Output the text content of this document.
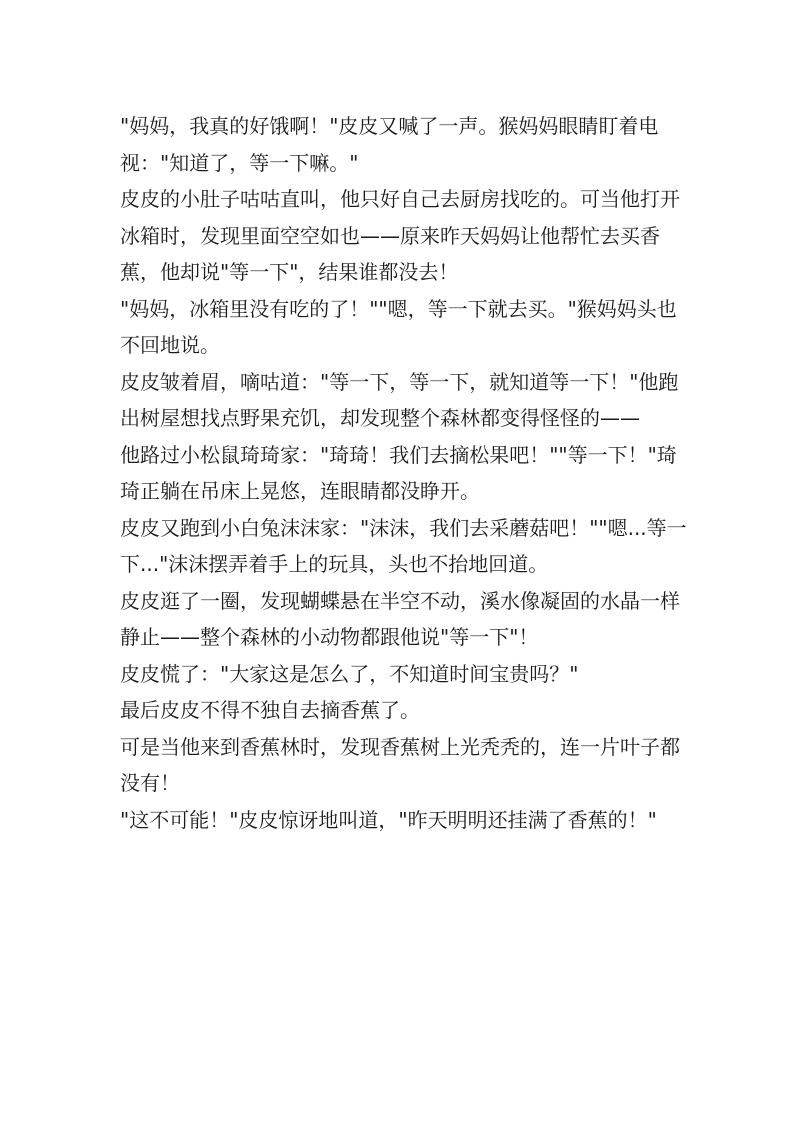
"妈妈，我真的好饿啊！"皮皮又喊了一声。猴妈妈眼睛盯着电视："知道了，等一下嘛。"

皮皮的小肚子咕咕直叫，他只好自己去厨房找吃的。可当他打开冰箱时，发现里面空空如也——原来昨天妈妈让他帮忙去买香蕉，他却说"等一下"，结果谁都没去！

"妈妈，冰箱里没有吃的了！""嗯，等一下就去买。"猴妈妈头也不回地说。

皮皮皱着眉，嘀咕道："等一下，等一下，就知道等一下！"他跑出树屋想找点野果充饥，却发现整个森林都变得怪怪的——

他路过小松鼠琦琦家："琦琦！我们去摘松果吧！""等一下！"琦琦正躺在吊床上晃悠，连眼睛都没睁开。

皮皮又跑到小白兔沫沫家："沫沫，我们去采蘑菇吧！""嗯...等一下..."沫沫摆弄着手上的玩具，头也不抬地回道。

皮皮逛了一圈，发现蝴蝶悬在半空不动，溪水像凝固的水晶一样静止——整个森林的小动物都跟他说"等一下"！

皮皮慌了："大家这是怎么了，不知道时间宝贵吗？"

最后皮皮不得不独自去摘香蕉了。

可是当他来到香蕉林时，发现香蕉树上光秃秃的，连一片叶子都没有！

"这不可能！"皮皮惊讶地叫道，"昨天明明还挂满了香蕉的！"
